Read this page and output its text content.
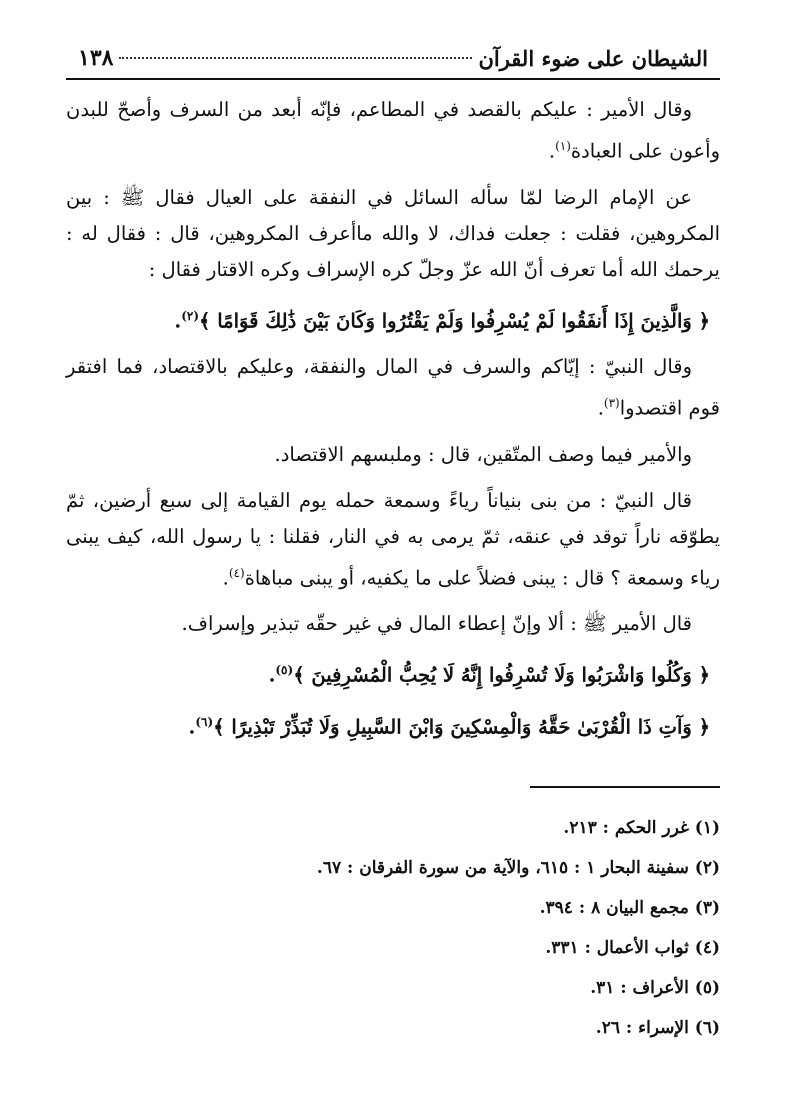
الشيطان على ضوء القرآن
١٣٨

وقال الأمير : عليكم بالقصد في المطاعم، فإنّه أبعد من السرف وأصحّ للبدن وأعون على العبادة$^{(١)}$.

عن الإمام الرضا لمّا سأله السائل في النفقة على العيال فقال ﷺ : بين المكروهين، فقلت : جعلت فداك، لا والله ماأعرف المكروهين، قال : فقال له : يرحمك الله أما تعرف أنّ الله عزّ وجلّ كره الإسراف وكره الاقتار فقال :

﴿ وَالَّذِينَ إِذَا أَنفَقُوا لَمْ يُسْرِفُوا وَلَمْ يَقْتُرُوا وَكَانَ بَيْنَ ذَٰلِكَ قَوَامًا ﴾$^{(٢)}$.

وقال النبيّ : إيّاكم والسرف في المال والنفقة، وعليكم بالاقتصاد، فما افتقر قوم اقتصدوا$^{(٣)}$.

والأمير فيما وصف المتّقين، قال : وملبسهم الاقتصاد.

قال النبيّ : من بنى بنياناً رياءً وسمعة حمله يوم القيامة إلى سبع أرضين، ثمّ يطوّقه ناراً توقد في عنقه، ثمّ يرمى به في النار، فقلنا : يا رسول الله، كيف يبنى رياء وسمعة ؟ قال : يبنى فضلاً على ما يكفيه، أو يبنى مباهاة$^{(٤)}$.

قال الأمير ﷺ : ألا وإنّ إعطاء المال في غير حقّه تبذير وإسراف.

﴿ وَكُلُوا وَاشْرَبُوا وَلَا تُسْرِفُوا إِنَّهُ لَا يُحِبُّ الْمُسْرِفِينَ ﴾$^{(٥)}$.

﴿ وَآتِ ذَا الْقُرْبَىٰ حَقَّهُ وَالْمِسْكِينَ وَابْنَ السَّبِيلِ وَلَا تُبَذِّرْ تَبْذِيرًا ﴾$^{(٦)}$.

(١) غرر الحكم : ٢١٣.

(٢) سفينة البحار ١ : ٦١٥، والآية من سورة الفرقان : ٦٧.

(٣) مجمع البيان ٨ : ٣٩٤.

(٤) ثواب الأعمال : ٣٣١.

(٥) الأعراف : ٣١.

(٦) الإسراء : ٢٦.
